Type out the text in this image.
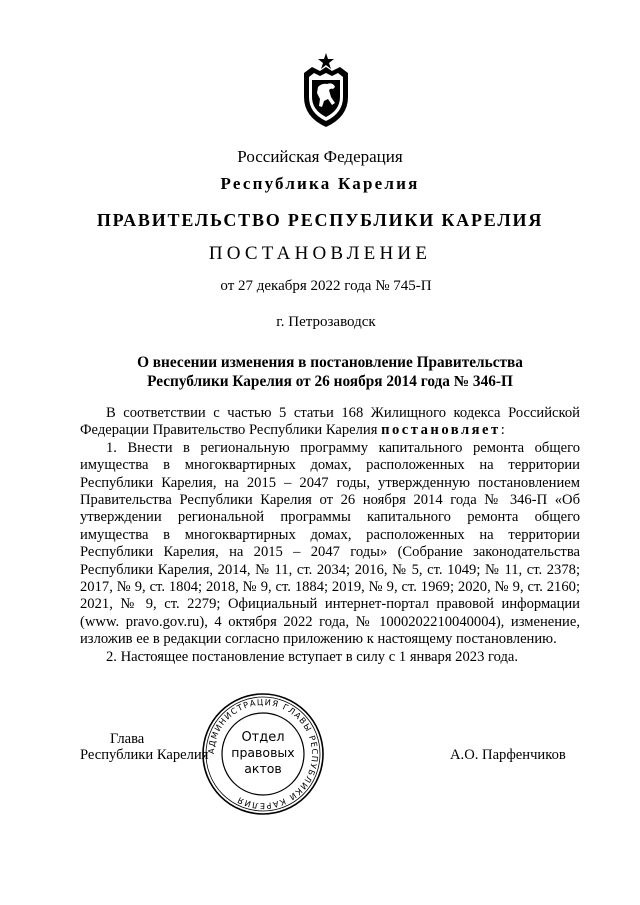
Российская Федерация
Республика Карелия
ПРАВИТЕЛЬСТВО РЕСПУБЛИКИ КАРЕЛИЯ
ПОСТАНОВЛЕНИЕ
от 27 декабря 2022 года № 745-П
г. Петрозаводск
О внесении изменения в постановление Правительства
Республики Карелия от 26 ноября 2014 года № 346-П

В соответствии с частью 5 статьи 168 Жилищного кодекса Российской Федерации Правительство Республики Карелия постановляет:

1. Внести в региональную программу капитального ремонта общего имущества в многоквартирных домах, расположенных на территории Республики Карелия, на 2015 – 2047 годы, утвержденную постановлением Правительства Республики Карелия от 26 ноября 2014 года № 346-П «Об утверждении региональной программы капитального ремонта общего имущества в многоквартирных домах, расположенных на территории Республики Карелия, на 2015 – 2047 годы» (Собрание законодательства Республики Карелия, 2014, № 11, ст. 2034; 2016, № 5, ст. 1049; № 11, ст. 2378; 2017, № 9, ст. 1804; 2018, № 9, ст. 1884; 2019, № 9, ст. 1969; 2020, № 9, ст. 2160; 2021, № 9, ст. 2279; Официальный интернет-портал правовой информации (www. pravo.gov.ru), 4 октября 2022 года, № 1000202210040004), изменение, изложив ее в редакции согласно приложению к настоящему постановлению.

2. Настоящее постановление вступает в силу с 1 января 2023 года.

Глава
Республики Карелия	А.О. Парфенчиков
АДМИНИСТРАЦИЯ ГЛАВЫ РЕСПУБЛИКИ КАРЕЛИЯ
Отдел
правовых
актов
